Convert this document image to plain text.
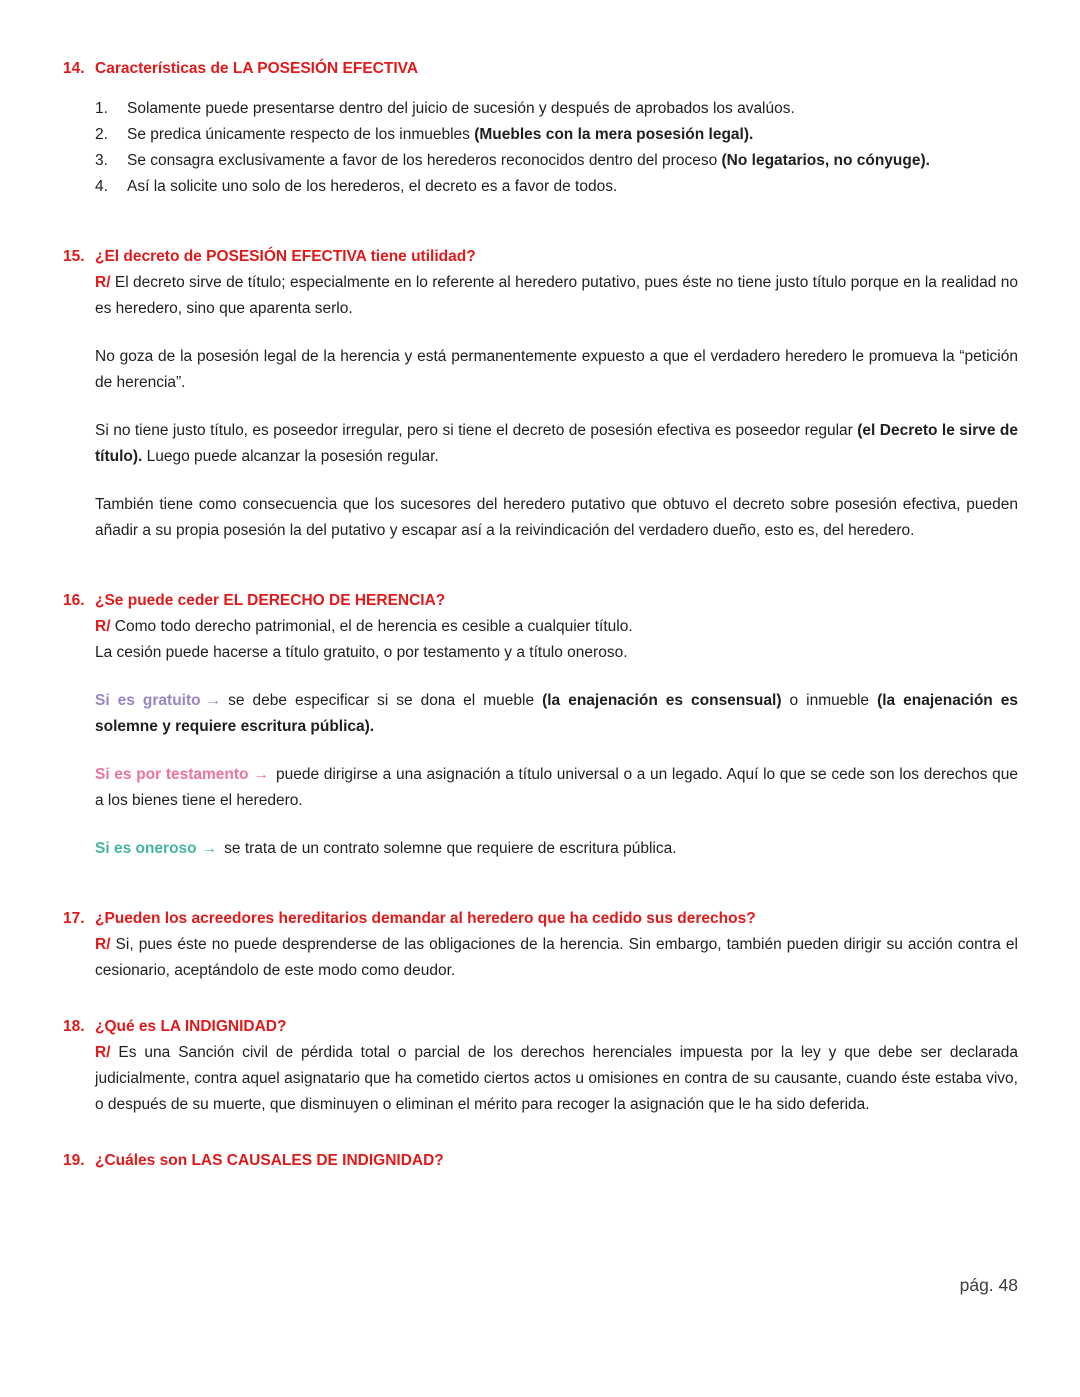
14. Características de LA POSESIÓN EFECTIVA
1.	Solamente puede presentarse dentro del juicio de sucesión y después de aprobados los avalúos.
2.	Se predica únicamente respecto de los inmuebles (Muebles con la mera posesión legal).
3.	Se consagra exclusivamente a favor de los herederos reconocidos dentro del proceso (No legatarios, no cónyuge).
4.	Así la solicite uno solo de los herederos, el decreto es a favor de todos.
15. ¿El decreto de POSESIÓN EFECTIVA tiene utilidad?
R/ El decreto sirve de título; especialmente en lo referente al heredero putativo, pues éste no tiene justo título porque en la realidad no es heredero, sino que aparenta serlo.
No goza de la posesión legal de la herencia y está permanentemente expuesto a que el verdadero heredero le promueva la “petición de herencia”.
Si no tiene justo título, es poseedor irregular, pero si tiene el decreto de posesión efectiva es poseedor regular (el Decreto le sirve de título). Luego puede alcanzar la posesión regular.
También tiene como consecuencia que los sucesores del heredero putativo que obtuvo el decreto sobre posesión efectiva, pueden añadir a su propia posesión la del putativo y escapar así a la reivindicación del verdadero dueño, esto es, del heredero.
16. ¿Se puede ceder EL DERECHO DE HERENCIA?
R/ Como todo derecho patrimonial, el de herencia es cesible a cualquier título.
La cesión puede hacerse a título gratuito, o por testamento y a título oneroso.
Si es gratuito → se debe especificar si se dona el mueble (la enajenación es consensual) o inmueble (la enajenación es solemne y requiere escritura pública).
Si es por testamento → puede dirigirse a una asignación a título universal o a un legado. Aquí lo que se cede son los derechos que a los bienes tiene el heredero.
Si es oneroso → se trata de un contrato solemne que requiere de escritura pública.
17. ¿Pueden los acreedores hereditarios demandar al heredero que ha cedido sus derechos?
R/ Si, pues éste no puede desprenderse de las obligaciones de la herencia. Sin embargo, también pueden dirigir su acción contra el cesionario, aceptándolo de este modo como deudor.
18. ¿Qué es LA INDIGNIDAD?
R/ Es una Sanción civil de pérdida total o parcial de los derechos herenciales impuesta por la ley y que debe ser declarada judicialmente, contra aquel asignatario que ha cometido ciertos actos u omisiones en contra de su causante, cuando éste estaba vivo, o después de su muerte, que disminuyen o eliminan el mérito para recoger la asignación que le ha sido deferida.
19. ¿Cuáles son LAS CAUSALES DE INDIGNIDAD?
pág. 48
